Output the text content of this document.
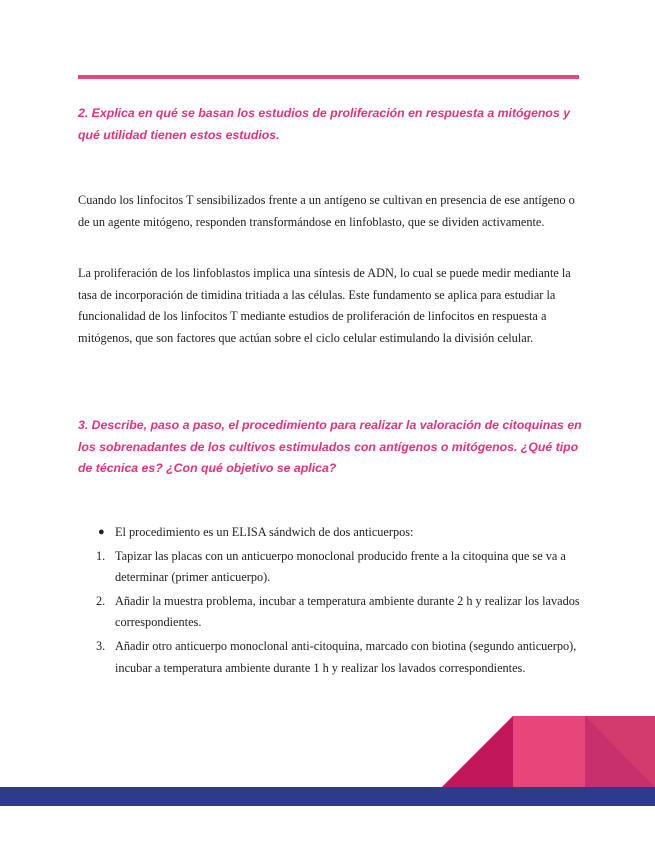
2. Explica en qué se basan los estudios de proliferación en respuesta a mitógenos y qué utilidad tienen estos estudios.

Cuando los linfocitos T sensibilizados frente a un antígeno se cultivan en presencia de ese antígeno o de un agente mitógeno, responden transformándose en linfoblasto, que se dividen activamente.

La proliferación de los linfoblastos implica una síntesis de ADN, lo cual se puede medir mediante la tasa de incorporación de timidina tritiada a las células. Este fundamento se aplica para estudiar la funcionalidad de los linfocitos T mediante estudios de proliferación de linfocitos en respuesta a mitógenos, que son factores que actúan sobre el ciclo celular estimulando la división celular.

3. Describe, paso a paso, el procedimiento para realizar la valoración de citoquinas en los sobrenadantes de los cultivos estimulados con antígenos o mitógenos. ¿Qué tipo de técnica es? ¿Con qué objetivo se aplica?

● El procedimiento es un ELISA sándwich de dos anticuerpos:
1. Tapizar las placas con un anticuerpo monoclonal producido frente a la citoquina que se va a determinar (primer anticuerpo).
2. Añadir la muestra problema, incubar a temperatura ambiente durante 2 h y realizar los lavados correspondientes.
3. Añadir otro anticuerpo monoclonal anti-citoquina, marcado con biotina (segundo anticuerpo), incubar a temperatura ambiente durante 1 h y realizar los lavados correspondientes.
